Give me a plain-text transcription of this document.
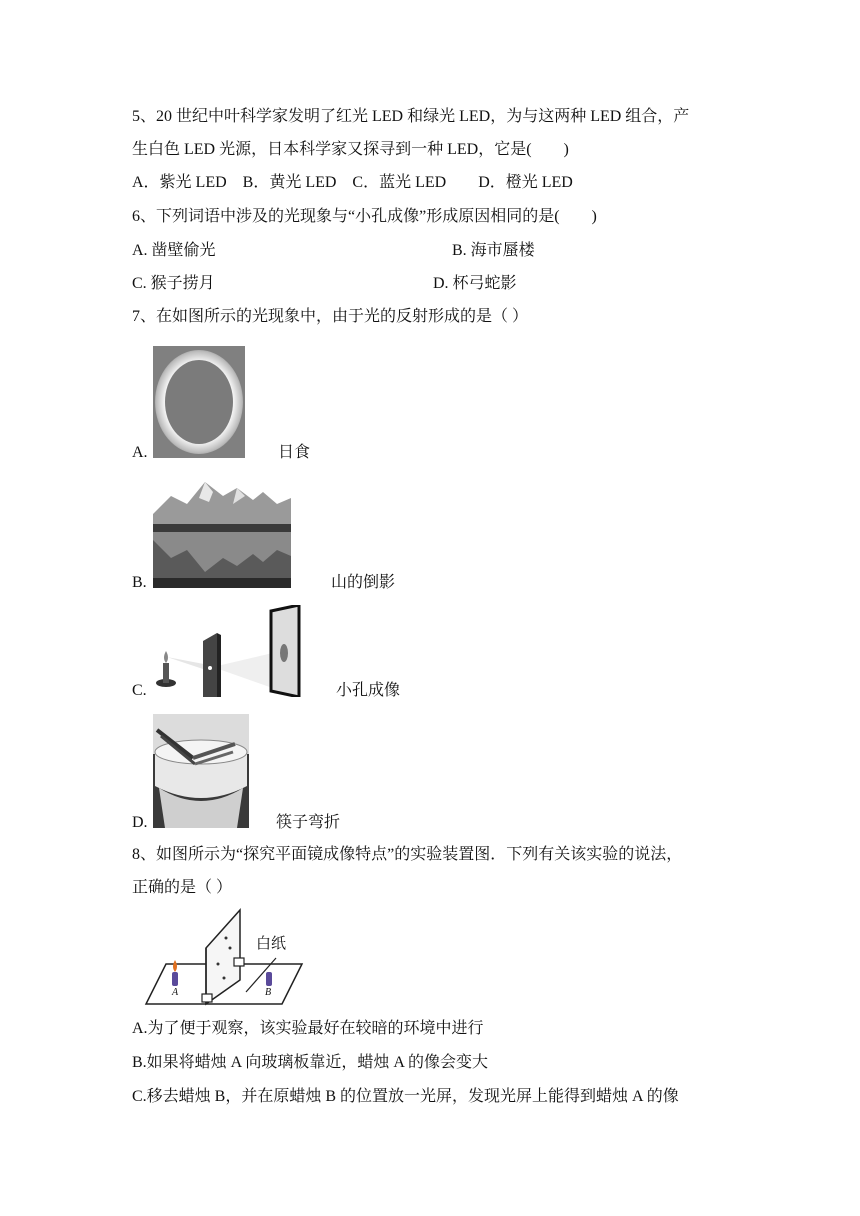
5、20 世纪中叶科学家发明了红光 LED 和绿光 LED，为与这两种 LED 组合，产
生白色 LED 光源，日本科学家又探寻到一种 LED，它是(　　)
A．紫光 LED　B．黄光 LED　C．蓝光 LED　　D．橙光 LED
6、下列词语中涉及的光现象与“小孔成像”形成原因相同的是(　　)
A. 凿壁偷光	B. 海市蜃楼
C. 猴子捞月	D. 杯弓蛇影
7、在如图所示的光现象中，由于光的反射形成的是（ ）
A.	日食
B.	山的倒影
C.	小孔成像
D.	筷子弯折
8、如图所示为“探究平面镜成像特点”的实验装置图．下列有关该实验的说法，
正确的是（ ）
白纸
A	B
A.为了便于观察，该实验最好在较暗的环境中进行
B.如果将蜡烛 A 向玻璃板靠近，蜡烛 A 的像会变大
C.移去蜡烛 B，并在原蜡烛 B 的位置放一光屏，发现光屏上能得到蜡烛 A 的像
